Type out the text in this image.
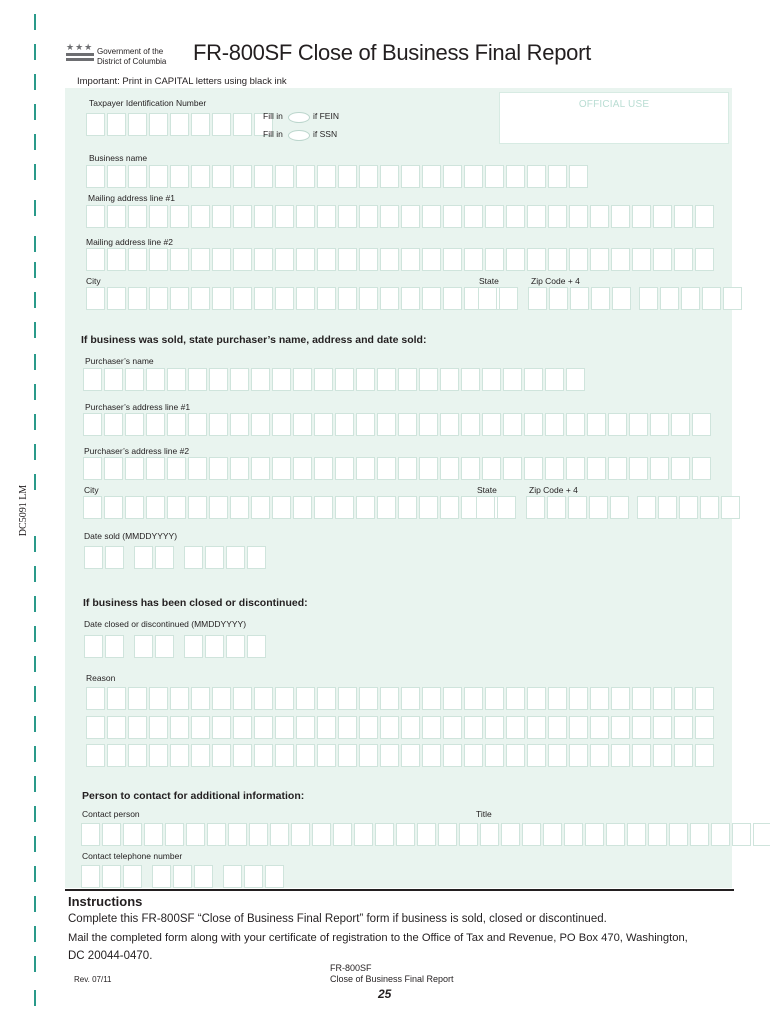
DC5091 LM
★★★ Government of the
District of Columbia FR-800SF Close of Business Final Report
Important: Print in CAPITAL letters using black ink
OFFICIAL USE
Taxpayer Identification Number
Fill in	if FEIN
Fill in	if SSN
Business name
Mailing address line #1
Mailing address line #2
City	State	Zip Code + 4
If business was sold, state purchaser’s name, address and date sold:
Purchaser’s name
Purchaser’s address line #1
Purchaser’s address line #2
City	State	Zip Code + 4
Date sold (MMDDYYYY)
If business has been closed or discontinued:
Date closed or discontinued (MMDDYYYY)
Reason
Person to contact for additional information:
Contact person	Title
Contact telephone number
Instructions
Complete this FR-800SF “Close of Business Final Report” form if business is sold, closed or discontinued.
Mail the completed form along with your certificate of registration to the Office of Tax and Revenue, PO Box 470, Washington,
DC 20044-0470.
Rev. 07/11
FR-800SF
Close of Business Final Report
25
